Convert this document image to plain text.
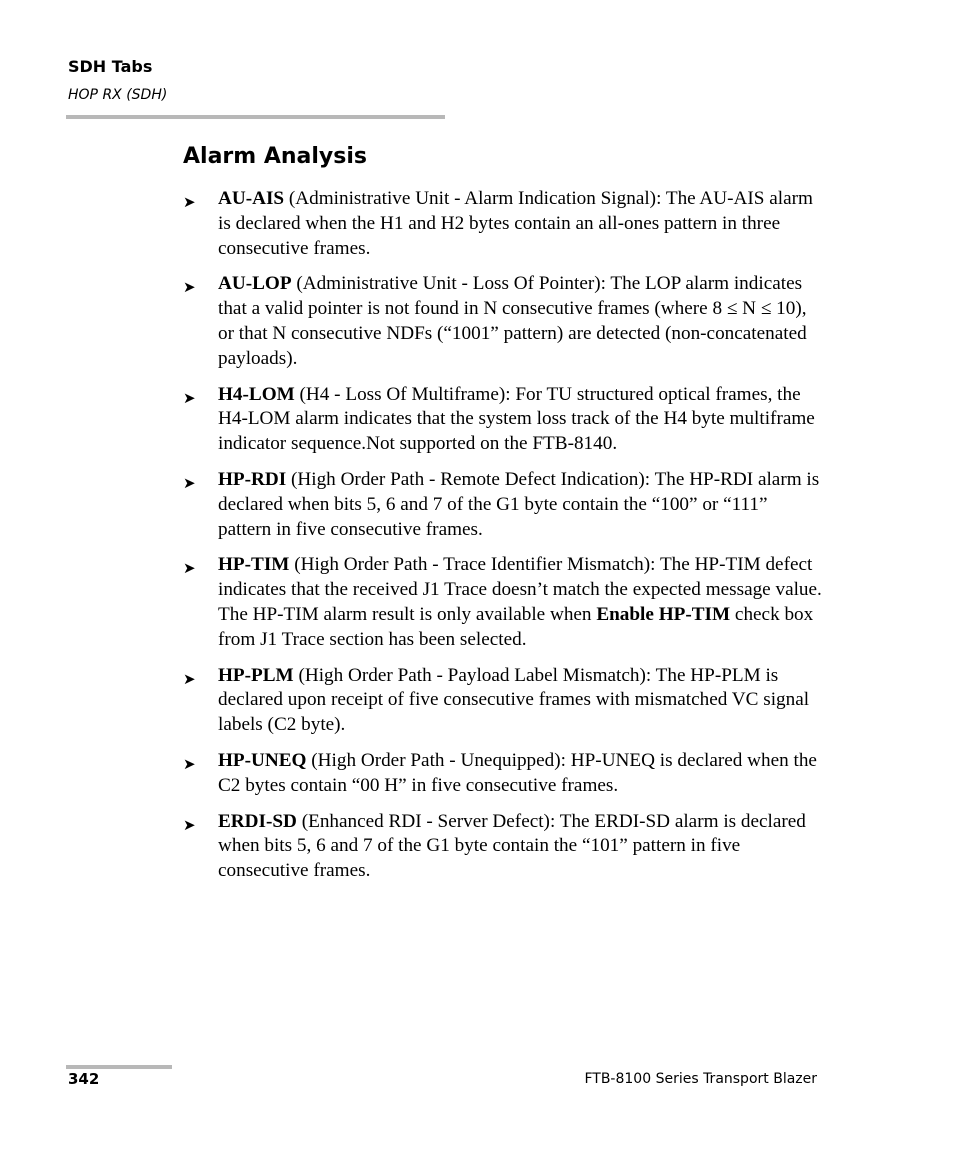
SDH Tabs
HOP RX (SDH)
Alarm Analysis
➤ AU-AIS (Administrative Unit - Alarm Indication Signal): The AU-AIS alarm is declared when the H1 and H2 bytes contain an all-ones pattern in three consecutive frames.
➤ AU-LOP (Administrative Unit - Loss Of Pointer): The LOP alarm indicates that a valid pointer is not found in N consecutive frames (where 8 ≤ N ≤ 10), or that N consecutive NDFs (“1001” pattern) are detected (non-concatenated payloads).
➤ H4-LOM (H4 - Loss Of Multiframe): For TU structured optical frames, the H4-LOM alarm indicates that the system loss track of the H4 byte multiframe indicator sequence.Not supported on the FTB-8140.
➤ HP-RDI (High Order Path - Remote Defect Indication): The HP-RDI alarm is declared when bits 5, 6 and 7 of the G1 byte contain the “100” or “111” pattern in five consecutive frames.
➤ HP-TIM (High Order Path - Trace Identifier Mismatch): The HP-TIM defect indicates that the received J1 Trace doesn’t match the expected message value. The HP-TIM alarm result is only available when Enable HP-TIM check box from J1 Trace section has been selected.
➤ HP-PLM (High Order Path - Payload Label Mismatch): The HP-PLM is declared upon receipt of five consecutive frames with mismatched VC signal labels (C2 byte).
➤ HP-UNEQ (High Order Path - Unequipped): HP-UNEQ is declared when the C2 bytes contain “00 H” in five consecutive frames.
➤ ERDI-SD (Enhanced RDI - Server Defect): The ERDI-SD alarm is declared when bits 5, 6 and 7 of the G1 byte contain the “101” pattern in five consecutive frames.
342	FTB-8100 Series Transport Blazer
